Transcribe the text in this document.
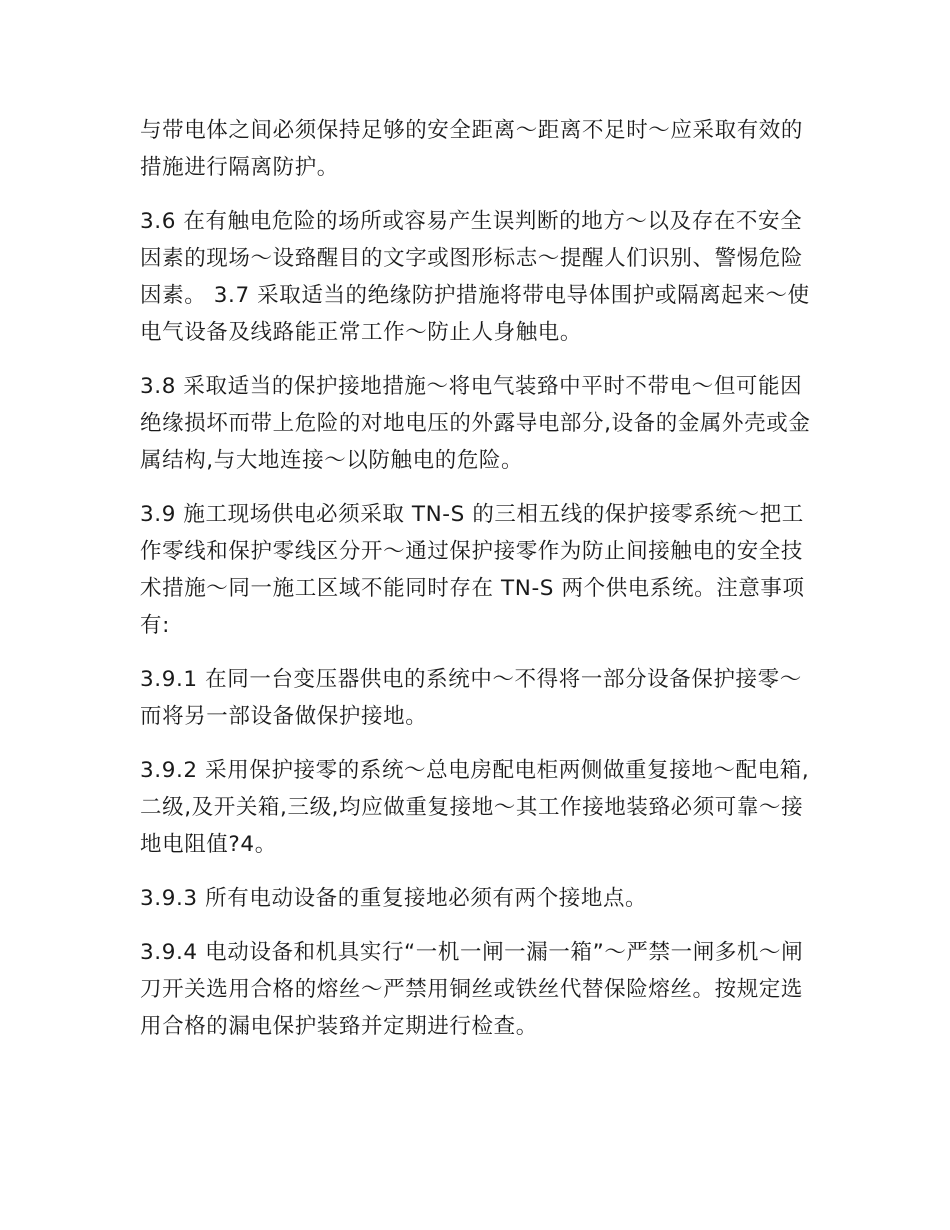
与带电体之间必须保持足够的安全距离～距离不足时～应采取有效的措施进行隔离防护。

3.6 在有触电危险的场所或容易产生误判断的地方～以及存在不安全因素的现场～设臵醒目的文字或图形标志～提醒人们识别、警惕危险因素。 3.7 采取适当的绝缘防护措施将带电导体围护或隔离起来～使电气设备及线路能正常工作～防止人身触电。

3.8 采取适当的保护接地措施～将电气装臵中平时不带电～但可能因绝缘损坏而带上危险的对地电压的外露导电部分,设备的金属外壳或金属结构,与大地连接～以防触电的危险。

3.9 施工现场供电必须采取 TN-S 的三相五线的保护接零系统～把工作零线和保护零线区分开～通过保护接零作为防止间接触电的安全技术措施～同一施工区域不能同时存在 TN-S 两个供电系统。注意事项有:

3.9.1 在同一台变压器供电的系统中～不得将一部分设备保护接零～而将另一部设备做保护接地。

3.9.2 采用保护接零的系统～总电房配电柜两侧做重复接地～配电箱,二级,及开关箱,三级,均应做重复接地～其工作接地装臵必须可靠～接地电阻值?4。

3.9.3 所有电动设备的重复接地必须有两个接地点。

3.9.4 电动设备和机具实行“一机一闸一漏一箱”～严禁一闸多机～闸刀开关选用合格的熔丝～严禁用铜丝或铁丝代替保险熔丝。按规定选用合格的漏电保护装臵并定期进行检查。
